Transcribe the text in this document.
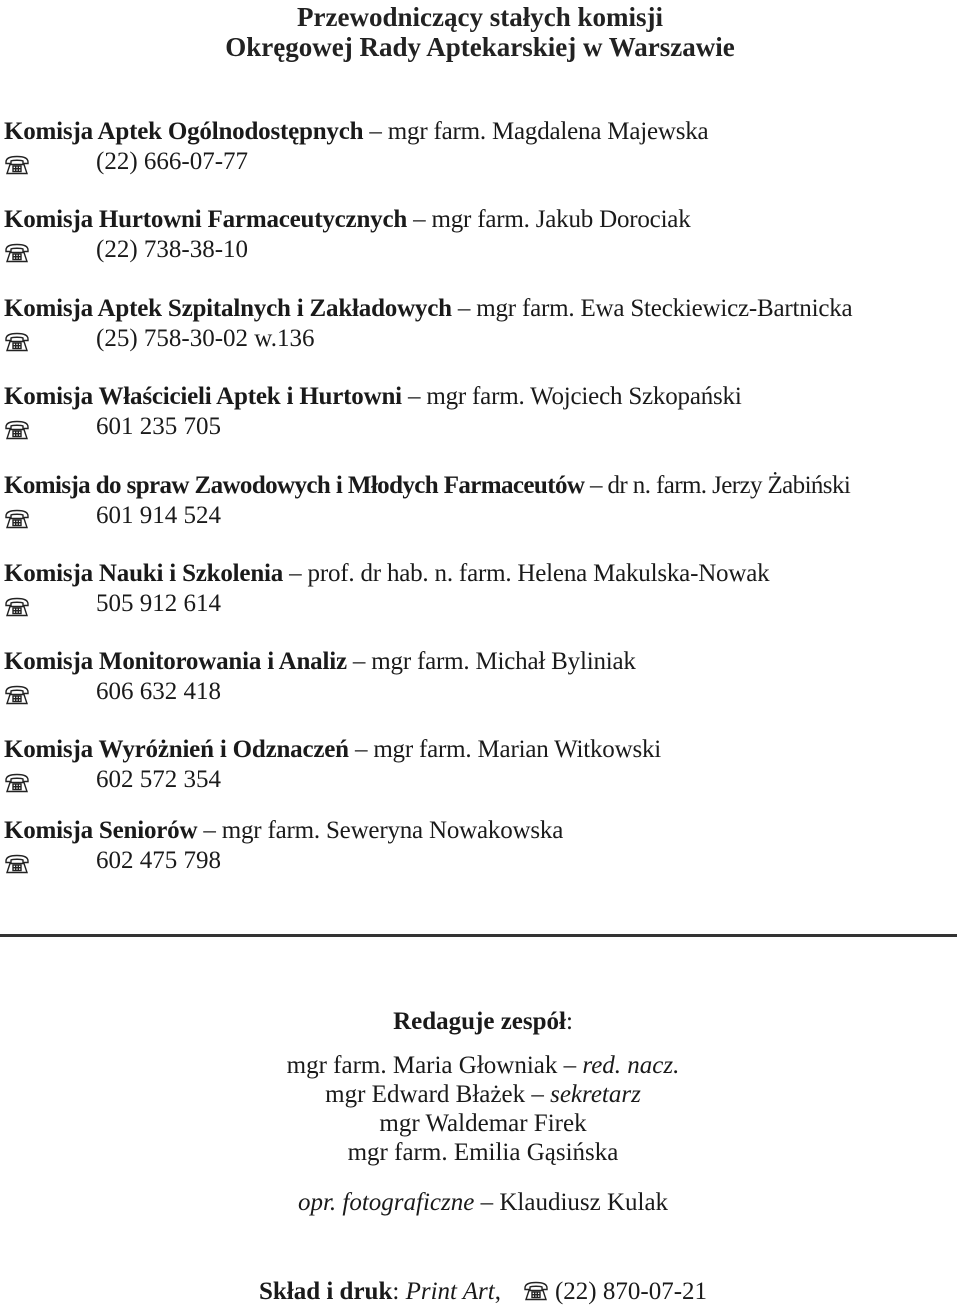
Przewodniczący stałych komisji
Okręgowej Rady Aptekarskiej w Warszawie
Komisja Aptek Ogólnodostępnych – mgr farm. Magdalena Majewska
(22) 666-07-77
Komisja Hurtowni Farmaceutycznych – mgr farm. Jakub Dorociak
(22) 738-38-10
Komisja Aptek Szpitalnych i Zakładowych – mgr farm. Ewa Steckiewicz-Bartnicka
(25) 758-30-02 w.136
Komisja Właścicieli Aptek i Hurtowni – mgr farm. Wojciech Szkopański
601 235 705
Komisja do spraw Zawodowych i Młodych Farmaceutów – dr n. farm. Jerzy Żabiński
601 914 524
Komisja Nauki i Szkolenia – prof. dr hab. n. farm. Helena Makulska-Nowak
505 912 614
Komisja Monitorowania i Analiz – mgr farm. Michał Byliniak
606 632 418
Komisja Wyróżnień i Odznaczeń – mgr farm. Marian Witkowski
602 572 354
Komisja Seniorów – mgr farm. Seweryna Nowakowska
602 475 798
Redaguje zespół:
mgr farm. Maria Głowniak – red. nacz.
mgr Edward Błażek – sekretarz
mgr Waldemar Firek
mgr farm. Emilia Gąsińska
opr. fotograficzne – Klaudiusz Kulak
Skład i druk: Print Art, (22) 870-07-21
